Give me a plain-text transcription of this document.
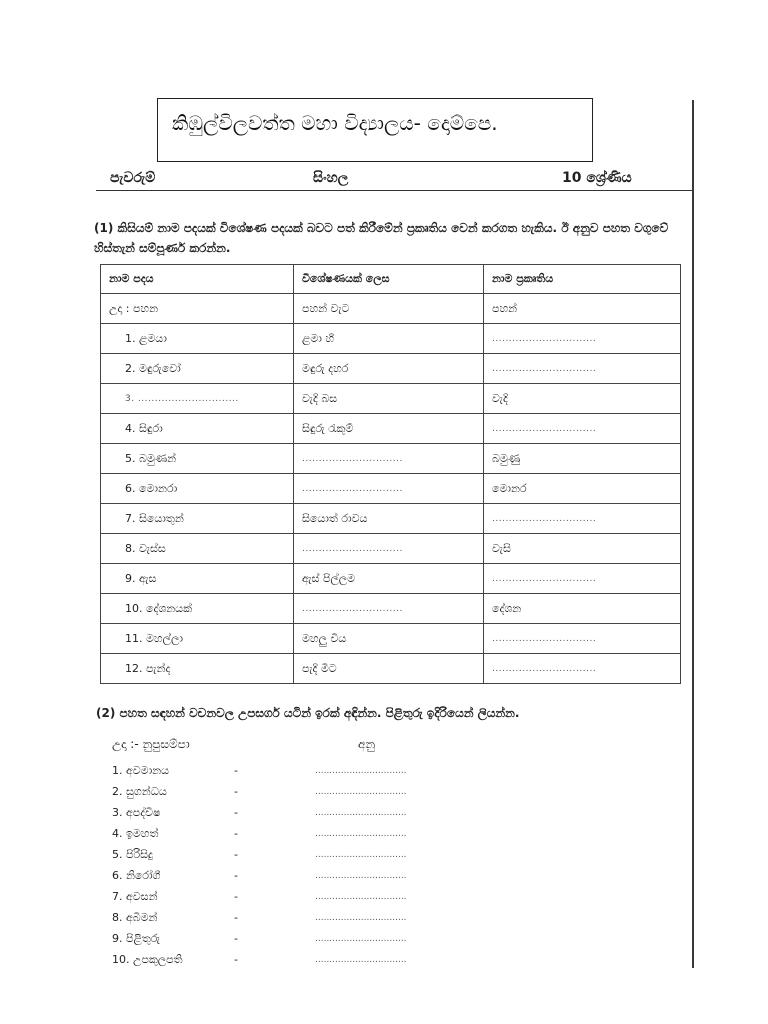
කිඹුල්විලවත්ත මහා විද්‍යාලය- දොම්පෙ.
පැවරුම්	සිංහල	10 ශ්‍රේණිය
(1) කිසියම් නාම පදයක් විශේෂණ පදයක් බවට පත් කිරීමේන් ප්‍රකෘතිය වෙන් කරගත හැකිය. ඊ අනුව පහත වගුවේ හිස්තැන් සම්පූර්ණ කරන්න.
නාම පදය	විශේෂණයක් ලෙස	නාම ප්‍රකෘතිය
උදා : පහන	පහන් වැට	පහන්
1. ළමයා	ළමා හී	...............................
2. මඳුරුවෝ	මඳුරු දහර	...............................
3. ..............................	වැදි බස	වැදි
4. සිඳුරා	සිඳුරු රැකුම්	...............................
5. බමුණන්	..............................	බමුණු
6. මොනරා	..............................	මොනර
7. සියොතුන්	සියොත් රාවය	...............................
8. වැස්ස	..............................	වැසි
9. ඇස	ඇස් පිල්ලම	...............................
10. දේශනයක්	..............................	දේශන
11. මහල්ලා	මහලු විය	...............................
12. පැන්ද	පැදි මිට	...............................
(2) පහත සඳහන් වචනවල උපසර්ග යටින් ඉරක් අඳින්න. පිළිතුරු ඉදිරියෙන් ලියන්න.
උදා :- නුපුසම්පා	අනු
1. අවමානය	-	................................
2. සුගන්ධය	-	................................
3. අපද්විෂ	-	................................
4. ඉමහත්	-	................................
5. පිරිසිදු	-	................................
6. නිරෝගී	-	................................
7. අවසන්	-	................................
8. අබිමන්	-	................................
9. පිළිතුරු	-	................................
10. උපකුලපති	-	................................
